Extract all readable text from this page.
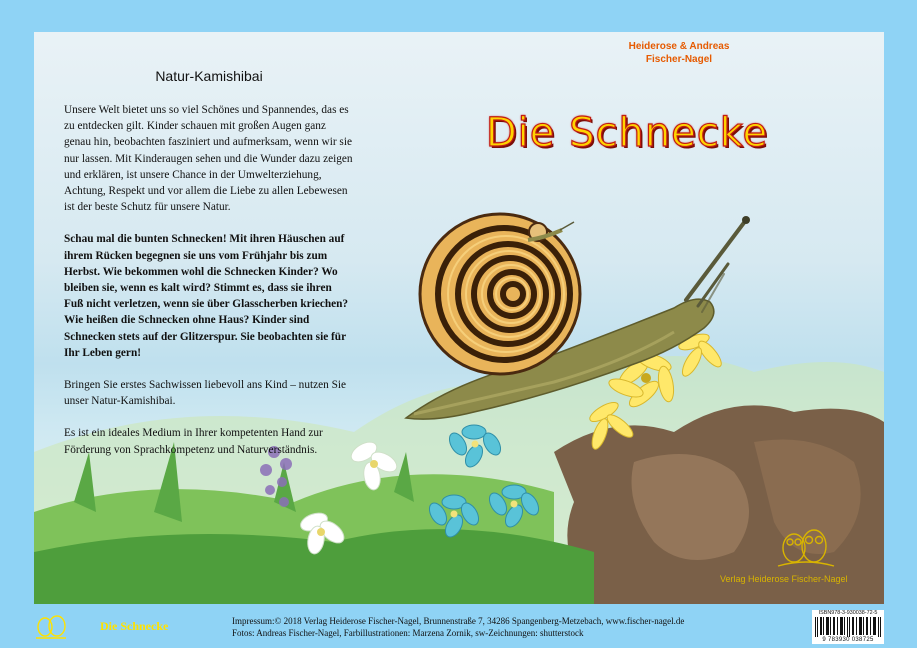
Natur-Kamishibai

Unsere Welt bietet uns so viel Schönes und Spannendes, das es zu entdecken gilt. Kinder schauen mit großen Augen ganz genau hin, beobachten fasziniert und aufmerksam, wenn wir sie nur lassen. Mit Kinderaugen sehen und die Wunder dazu zeigen und erklären, ist unsere Chance in der Umwelterziehung, Achtung, Respekt und vor allem die Liebe zu allen Lebewesen ist der beste Schutz für unsere Natur.

Schau mal die bunten Schnecken! Mit ihren Häuschen auf ihrem Rücken begegnen sie uns vom Frühjahr bis zum Herbst. Wie bekommen wohl die Schnecken Kinder? Wo bleiben sie, wenn es kalt wird? Stimmt es, dass sie ihren Fuß nicht verletzen, wenn sie über Glasscherben kriechen? Wie heißen die Schnecken ohne Haus? Kinder sind Schnecken stets auf der Glitzerspur. Sie beobachten sie für Ihr Leben gern!

Bringen Sie erstes Sachwissen liebevoll ans Kind – nutzen Sie unser Natur-Kamishibai.

Es ist ein ideales Medium in Ihrer kompetenten Hand zur Förderung von Sprachkompetenz und Naturverständnis.

Heiderose & Andreas
Fischer-Nagel
Die Schnecke
Verlag Heiderose Fischer-Nagel
Die Schnecke	Impressum:© 2018 Verlag Heiderose Fischer-Nagel, Brunnenstraße 7, 34286 Spangenberg-Metzebach, www.fischer-nagel.de
Fotos: Andreas Fischer-Nagel, Farbillustrationen: Marzena Zornik, sw-Zeichnungen: shutterstock
ISBN978-3-930038-72-5
9 783930 038725
